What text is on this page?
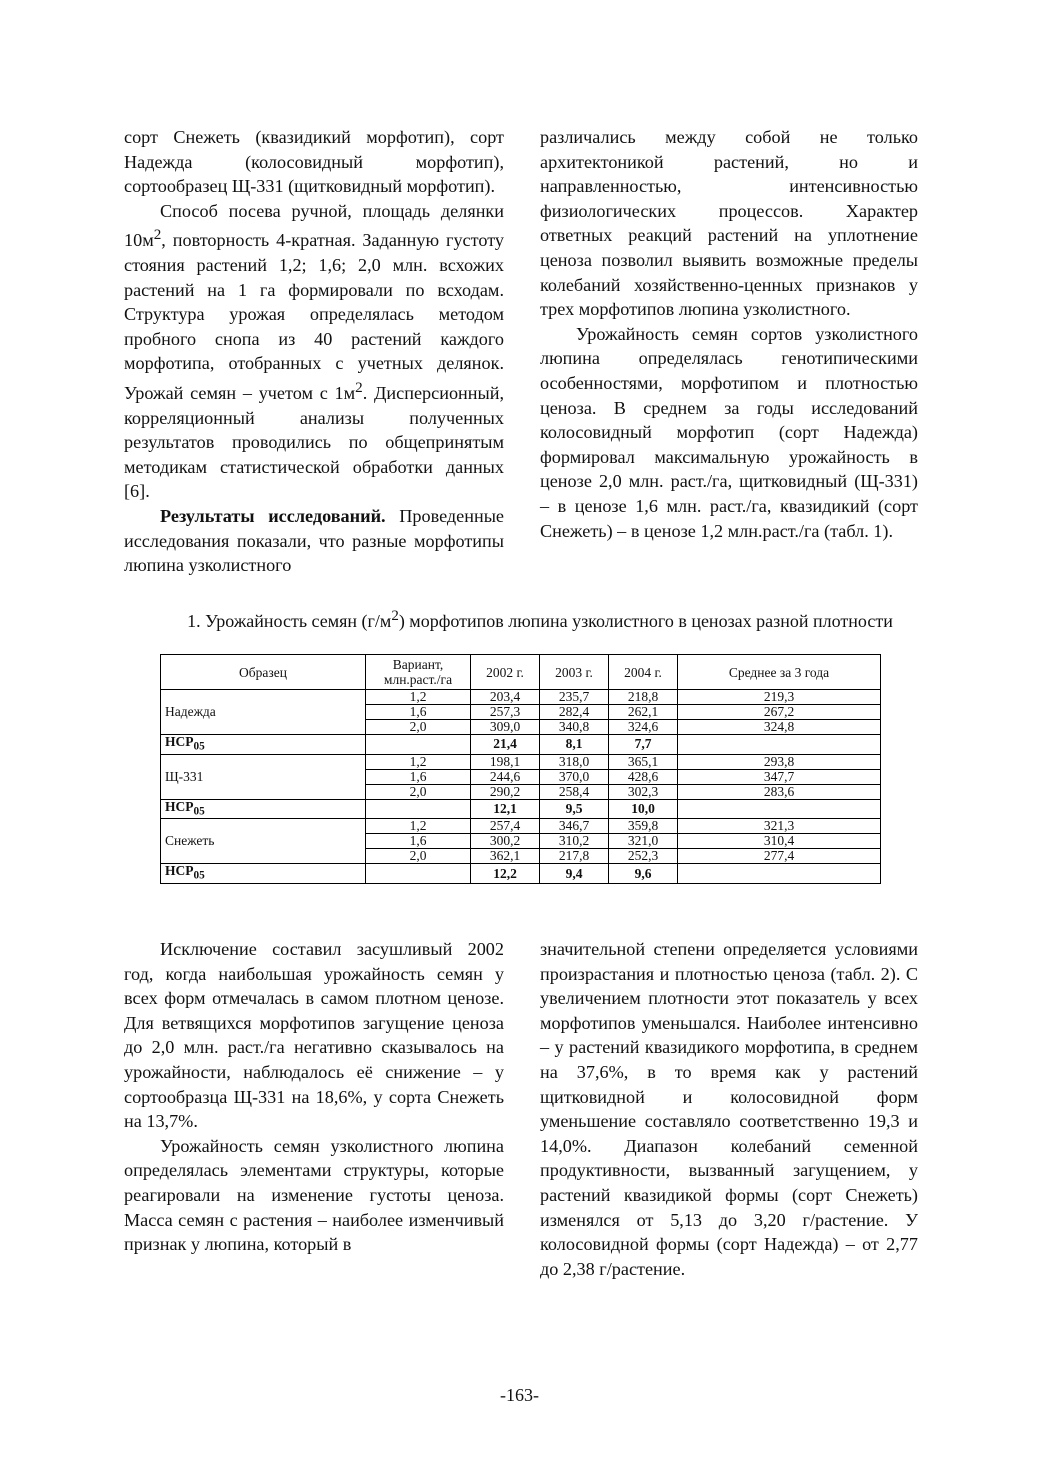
сорт Снежеть (квазидикий морфотип), сорт Надежда (колосовидный морфотип), сортообразец Щ-331 (щитковидный морфотип).

Способ посева ручной, площадь делянки $10м^2$, повторность 4-кратная. Заданную густоту стояния растений 1,2; 1,6; 2,0 млн. всхожих растений на 1 га формировали по всходам. Структура урожая определялась методом пробного снопа из 40 растений каждого морфотипа, отобранных с учетных делянок. Урожай семян – учетом с $1м^2$. Дисперсионный, корреляционный анализы полученных результатов проводились по общепринятым методикам статистической обработки данных [6].

Результаты исследований. Проведенные исследования показали, что разные морфотипы люпина узколистного

различались между собой не только архитектоникой растений, но и направленностью, интенсивностью физиологических процессов. Характер ответных реакций растений на уплотнение ценоза позволил выявить возможные пределы колебаний хозяйственно-ценных признаков у трех морфотипов люпина узколистного.

Урожайность семян сортов узколистного люпина определялась генотипическими особенностями, морфотипом и плотностью ценоза. В среднем за годы исследований колосовидный морфотип (сорт Надежда) формировал максимальную урожайность в ценозе 2,0 млн. раст./га, щитковидный (Щ-331) – в ценозе 1,6 млн. раст./га, квазидикий (сорт Снежеть) – в ценозе 1,2 млн.раст./га (табл. 1).

1. Урожайность семян $(г/м^2)$ морфотипов люпина узколистного в ценозах разной плотности
Образец	Вариант, млн.раст./га	2002 г.	2003 г.	2004 г.	Среднее за 3 года
Надежда	1,2	203,4	235,7	218,8	219,3
	1,6	257,3	282,4	262,1	267,2
	2,0	309,0	340,8	324,6	324,8
$НСР_{05}$		21,4	8,1	7,7	
Щ-331	1,2	198,1	318,0	365,1	293,8
	1,6	244,6	370,0	428,6	347,7
	2,0	290,2	258,4	302,3	283,6
$НСР_{05}$		12,1	9,5	10,0	
Снежеть	1,2	257,4	346,7	359,8	321,3
	1,6	300,2	310,2	321,0	310,4
	2,0	362,1	217,8	252,3	277,4
$НСР_{05}$		12,2	9,4	9,6	

Исключение составил засушливый 2002 год, когда наибольшая урожайность семян у всех форм отмечалась в самом плотном ценозе. Для ветвящихся морфотипов загущение ценоза до 2,0 млн. раст./га негативно сказывалось на урожайности, наблюдалось её снижение – у сортообразца Щ-331 на 18,6%, у сорта Снежеть на 13,7%.

Урожайность семян узколистного люпина определялась элементами структуры, которые реагировали на изменение густоты ценоза. Масса семян с растения – наиболее изменчивый признак у люпина, который в

значительной степени определяется условиями произрастания и плотностью ценоза (табл. 2). С увеличением плотности этот показатель у всех морфотипов уменьшался. Наиболее интенсивно – у растений квазидикого морфотипа, в среднем на 37,6%, в то время как у растений щитковидной и колосовидной форм уменьшение составляло соответственно 19,3 и 14,0%. Диапазон колебаний семенной продуктивности, вызванный загущением, у растений квазидикой формы (сорт Снежеть) изменялся от 5,13 до 3,20 г/растение. У колосовидной формы (сорт Надежда) – от 2,77 до 2,38 г/растение.

-163-
